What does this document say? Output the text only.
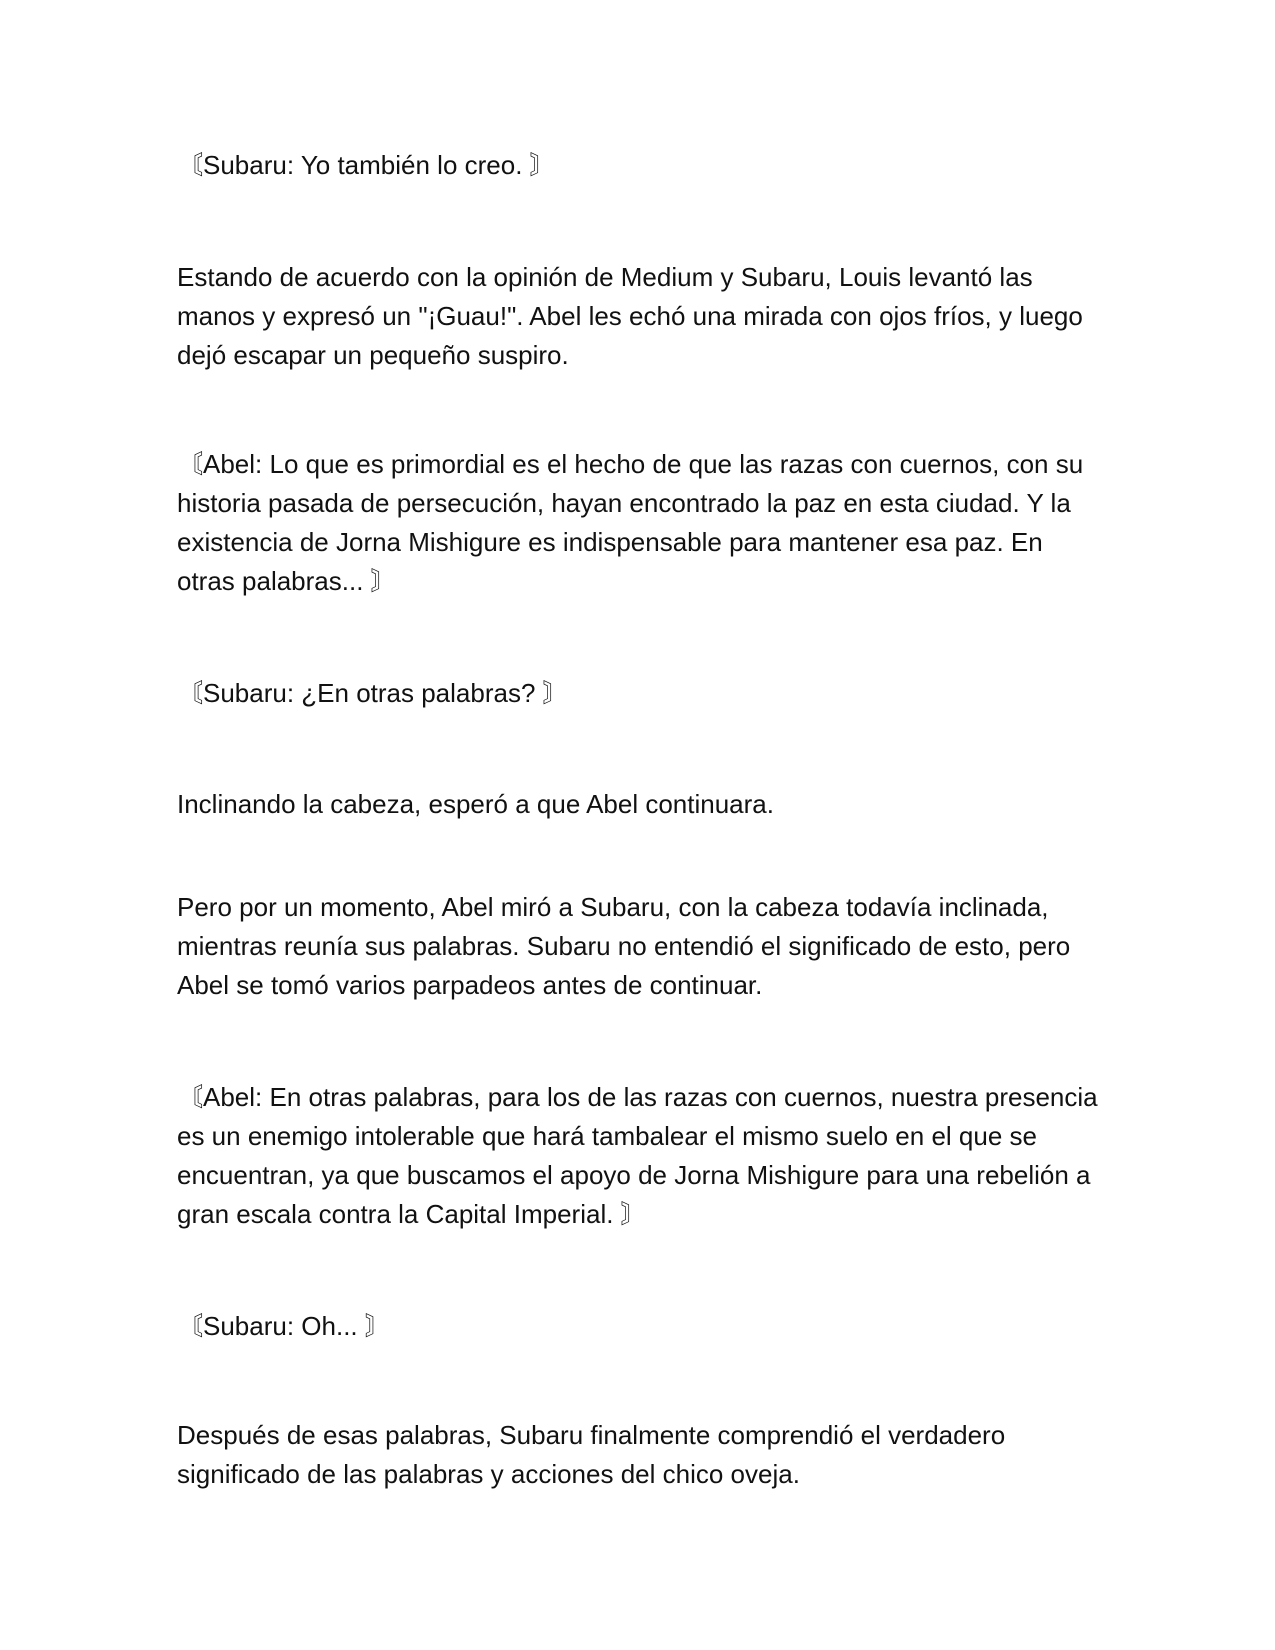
〘Subaru: Yo también lo creo. 〙

Estando de acuerdo con la opinión de Medium y Subaru, Louis levantó las manos y expresó un "¡Guau!". Abel les echó una mirada con ojos fríos, y luego dejó escapar un pequeño suspiro.

〘Abel: Lo que es primordial es el hecho de que las razas con cuernos, con su historia pasada de persecución, hayan encontrado la paz en esta ciudad. Y la existencia de Jorna Mishigure es indispensable para mantener esa paz. En otras palabras... 〙

〘Subaru: ¿En otras palabras? 〙

Inclinando la cabeza, esperó a que Abel continuara.

Pero por un momento, Abel miró a Subaru, con la cabeza todavía inclinada, mientras reunía sus palabras. Subaru no entendió el significado de esto, pero Abel se tomó varios parpadeos antes de continuar.

〘Abel: En otras palabras, para los de las razas con cuernos, nuestra presencia es un enemigo intolerable que hará tambalear el mismo suelo en el que se encuentran, ya que buscamos el apoyo de Jorna Mishigure para una rebelión a gran escala contra la Capital Imperial. 〙

〘Subaru: Oh... 〙

Después de esas palabras, Subaru finalmente comprendió el verdadero significado de las palabras y acciones del chico oveja.
